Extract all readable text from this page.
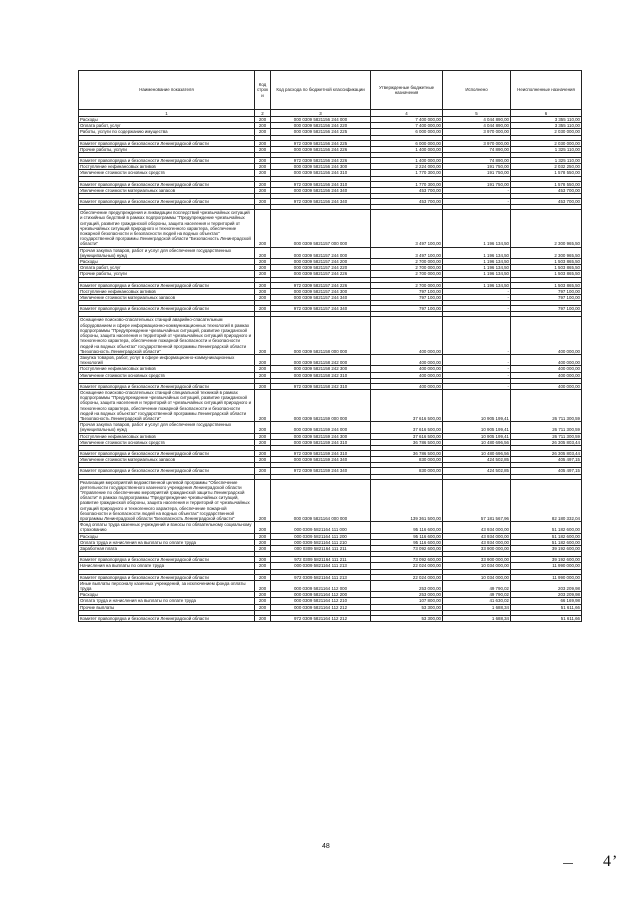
Наименование показателя	Код строк и	Код расхода по бюджетной классификации	Утвержденные бюджетные назначения	Исполнено	Неисполненные назначения
1	2	3	4	5	6
Расходы	200	000 0309 5821156 244 000	7 400 000,00	4 044 890,00	3 355 110,00
Оплата работ, услуг	200	000 0309 5821156 244 220	7 400 000,00	4 044 890,00	3 355 110,00
Работы, услуги по содержанию имущества	200	000 0309 5821156 244 225	6 000 000,00	3 970 000,00	2 030 000,00

Комитет правопорядка и безопасности Ленинградской области	200	972 0309 5821156 244 225	6 000 000,00	3 970 000,00	2 030 000,00
Прочие работы, услуги	200	000 0309 5821156 244 226	1 400 000,00	74 890,00	1 325 110,00

Комитет правопорядка и безопасности Ленинградской области	200	972 0309 5821156 244 226	1 400 000,00	74 890,00	1 325 110,00
Поступление нефинансовых активов	200	000 0309 5821156 244 300	2 224 000,00	191 750,00	2 032 250,00
Увеличение стоимости основных средств	200	000 0309 5821156 244 310	1 770 300,00	191 750,00	1 578 550,00

Комитет правопорядка и безопасности Ленинградской области	200	972 0309 5821156 244 310	1 770 300,00	191 750,00	1 578 550,00
Увеличение стоимости материальных запасов	200	000 0309 5821156 244 340	453 700,00	-	453 700,00

Комитет правопорядка и безопасности Ленинградской области	200	972 0309 5821156 244 340	453 700,00	-	453 700,00

Обеспечение предупреждения и ликвидации последствий чрезвычайных ситуаций и стихийных бедствий в рамках подпрограммы "Предупреждение чрезвычайных ситуаций, развитие гражданской обороны, защита населения и территорий от чрезвычайных ситуаций природного и техногенного характера, обеспечение пожарной безопасности и безопасности людей на водных объектах" государственной программы Ленинградской области "Безопасность Ленинградской области"	200	000 0309 5821157 000 000	3 497 100,00	1 196 134,50	2 300 965,50
Прочая закупка товаров, работ и услуг для обеспечения государственных (муниципальных) нужд	200	000 0309 5821157 244 000	3 497 100,00	1 196 134,50	2 300 965,50
Расходы	200	000 0309 5821157 244 200	2 700 000,00	1 196 134,50	1 503 865,50
Оплата работ, услуг	200	000 0309 5821157 244 220	2 700 000,00	1 196 134,50	1 503 865,50
Прочие работы, услуги	200	000 0309 5821157 244 226	2 700 000,00	1 196 134,50	1 503 865,50

Комитет правопорядка и безопасности Ленинградской области	200	972 0309 5821157 244 226	2 700 000,00	1 196 134,50	1 503 865,50
Поступление нефинансовых активов	200	000 0309 5821157 244 300	797 100,00	-	797 100,00
Увеличение стоимости материальных запасов	200	000 0309 5821157 244 340	797 100,00	-	797 100,00

Комитет правопорядка и безопасности Ленинградской области	200	972 0309 5821157 244 340	797 100,00	-	797 100,00

Оснащение поисково-спасательных станций аварийно-спасательным оборудованием и сфере информационно-коммуникационных технологий в рамках подпрограммы "Предупреждение чрезвычайных ситуаций, развитие гражданской обороны, защита населения и территорий от чрезвычайных ситуаций природного и техногенного характера, обеспечение пожарной безопасности и безопасности людей на водных объектах" государственной программы Ленинградской области "Безопасность Ленинградской области"	200	000 0309 5821158 000 000	400 000,00	-	400 000,00
Закупка товаров, работ, услуг в сфере информационно-коммуникационных технологий	200	000 0309 5821158 242 000	400 000,00	-	400 000,00
Поступление нефинансовых активов	200	000 0309 5821158 242 300	400 000,00	-	400 000,00
Увеличение стоимости основных средств	200	000 0309 5821158 242 310	400 000,00	-	400 000,00

Комитет правопорядка и безопасности Ленинградской области	200	972 0309 5821158 242 310	400 000,00	-	400 000,00
Оснащение поисково-спасательных станций специальной техникой в рамках подпрограммы "Предупреждение чрезвычайных ситуаций, развитие гражданской обороны, защита населения и территорий от чрезвычайных ситуаций природного и техногенного характера, обеспечение пожарной безопасности и безопасности людей на водных объектах" государственной программы Ленинградской области "Безопасность Ленинградской области"	200	000 0309 5821159 000 000	37 616 500,00	10 905 199,41	26 711 300,59
Прочая закупка товаров, работ и услуг для обеспечения государственных (муниципальных) нужд	200	000 0309 5821159 244 000	37 616 500,00	10 905 199,41	26 711 300,59
Поступление нефинансовых активов	200	000 0309 5821159 244 300	37 616 500,00	10 905 199,41	26 711 300,59
Увеличение стоимости основных средств	200	000 0309 5821159 244 310	36 786 500,00	10 480 696,56	26 305 803,44

Комитет правопорядка и безопасности Ленинградской области	200	972 0309 5821159 244 310	36 786 500,00	10 480 696,56	26 305 803,44
Увеличение стоимости материальных запасов	200	000 0309 5821159 244 340	830 000,00	424 502,85	405 497,15

Комитет правопорядка и безопасности Ленинградской области	200	972 0309 5821159 244 340	830 000,00	424 502,85	405 497,15

Реализация мероприятий ведомственной целевой программы "Обеспечение деятельности государственного казенного учреждения Ленинградской области "Управление по обеспечению мероприятий гражданской защиты Ленинградской области" в рамках подпрограммы "Предупреждение чрезвычайных ситуаций, развитие гражданской обороны, защита населения и территорий от чрезвычайных ситуаций природного и техногенного характера, обеспечение пожарной безопасности и безопасности людей на водных объектах" государственной программы Ленинградской области "Безопасность Ленинградской области"	200	000 0309 5821164 000 000	139 361 500,00	57 181 567,96	82 180 332,04
Фонд оплаты труда казенных учреждений и взносы по обязательному социальному страхованию	200	000 0309 5821164 111 000	95 116 600,00	43 934 000,00	51 182 600,00
Расходы	200	000 0309 5821164 111 200	95 116 600,00	43 934 000,00	51 182 600,00
Оплата труда и начисления на выплаты по оплате труда	200	000 0309 5821164 111 210	95 116 600,00	43 934 000,00	51 182 600,00
Заработная плата	200	000 0309 5821164 111 211	73 092 600,00	33 900 000,00	39 192 600,00

Комитет правопорядка и безопасности Ленинградской области	200	972 0309 5821164 111 211	73 092 600,00	33 900 000,00	39 192 600,00
Начисления на выплаты по оплате труда	200	000 0309 5821164 111 213	22 024 000,00	10 034 000,00	11 990 000,00

Комитет правопорядка и безопасности Ленинградской области	200	972 0309 5821164 111 213	22 024 000,00	10 034 000,00	11 990 000,00
Иные выплаты персоналу казенных учреждений, за исключением фонда оплаты труда	200	000 0309 5821164 112 000	253 000,00	49 790,02	203 209,98
Расходы	200	000 0309 5821164 112 200	253 000,00	49 790,02	203 209,98
Оплата труда и начисления на выплаты по оплате труда	200	000 0309 5821164 112 210	107 800,00	41 630,02	66 169,98
Прочие выплаты	200	000 0309 5821164 112 212	53 300,00	1 688,34	51 611,66

Комитет правопорядка и безопасности Ленинградской области	200	972 0309 5821164 112 212	53 300,00	1 688,34	51 611,66
48
4’
